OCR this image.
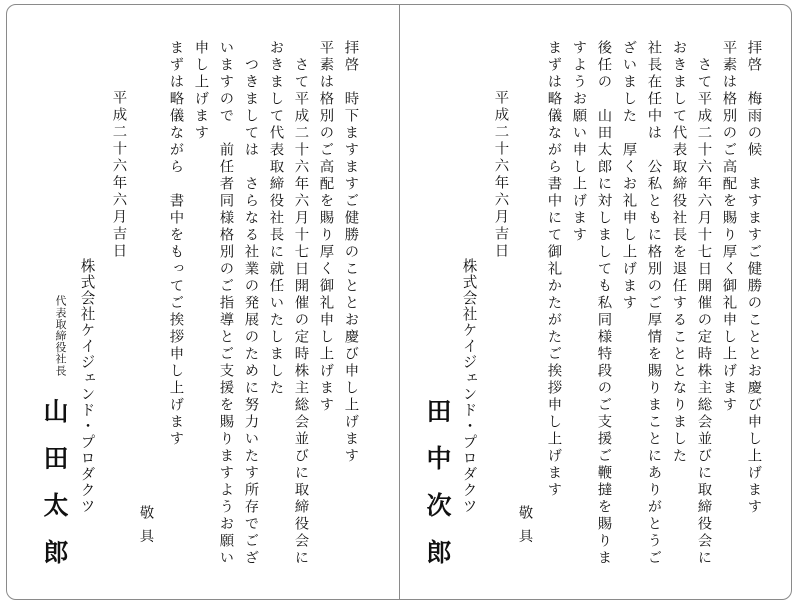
拝啓　時下ますますご健勝のこととお慶び申し上げます
平素は格別のご高配を賜り厚く御礼申し上げます
　さて平成二十六年六月十七日開催の定時株主総会並びに取締役会に
おきまして代表取締役社長に就任いたしました
　つきましては　さらなる社業の発展のために努力いたす所存でござ
いますので　前任者同様格別のご指導とご支援を賜りますようお願い
申し上げます
まずは略儀ながら　書中をもってご挨拶申し上げます
敬具
平成二十六年六月吉日
株式会社ケイジェンド・プロダクツ
代表取締役社長
山田太郎	拝啓　梅雨の候　ますますご健勝のこととお慶び申し上げます
平素は格別のご高配を賜り厚く御礼申し上げます
　さて平成二十六年六月十七日開催の定時株主総会並びに取締役会に
おきまして代表取締役社長を退任することとなりました
社長在任中は　公私ともに格別のご厚情を賜りまことにありがとうご
ざいました　厚くお礼申し上げます
後任の　山田太郎に対しましても私同様特段のご支援ご鞭撻を賜りま
すようお願い申し上げます
まずは略儀ながら書中にて御礼かたがたご挨拶申し上げます
敬具
平成二十六年六月吉日
株式会社ケイジェンド・プロダクツ
田中次郎
